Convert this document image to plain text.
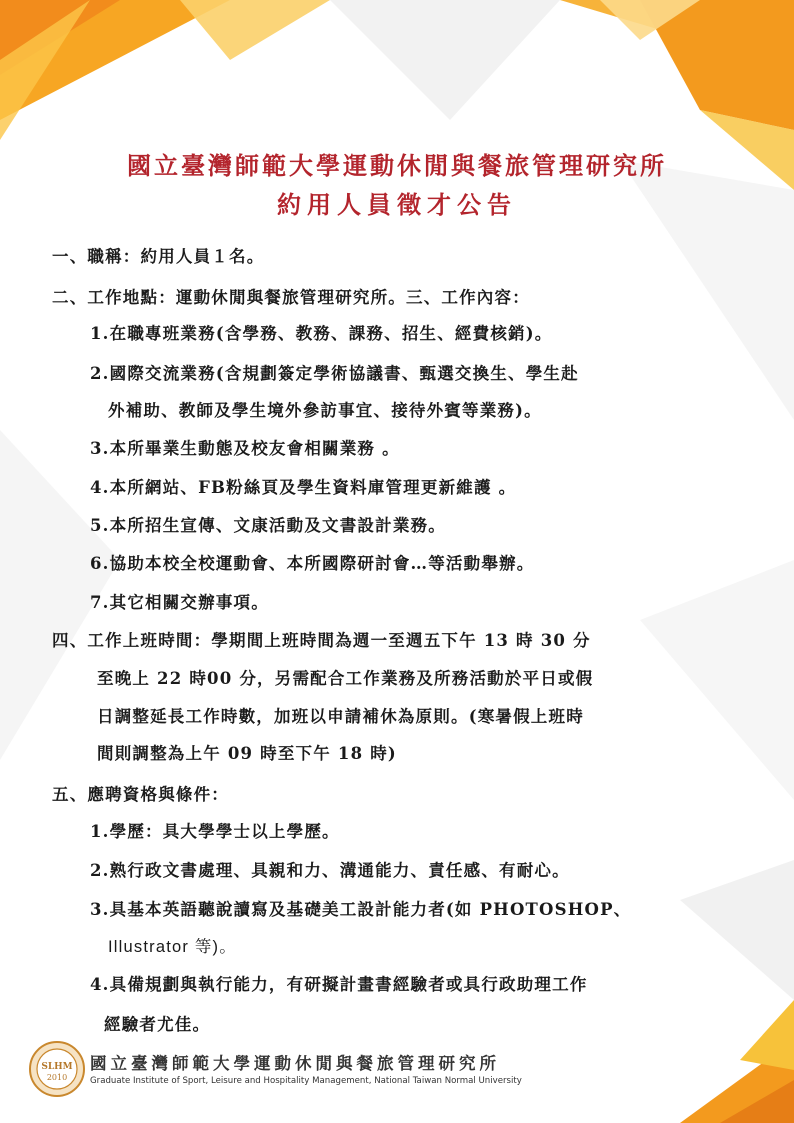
國立臺灣師範大學運動休閒與餐旅管理研究所
約用人員徵才公告
一、職稱：約用人員１名。
二、工作地點：運動休閒與餐旅管理研究所。三、工作內容：
1.在職專班業務(含學務、教務、課務、招生、經費核銷)。
2.國際交流業務(含規劃簽定學術協議書、甄選交換生、學生赴
外補助、教師及學生境外參訪事宜、接待外賓等業務)。
3.本所畢業生動態及校友會相關業務 。
4.本所網站、FB粉絲頁及學生資料庫管理更新維護 。
5.本所招生宣傳、文康活動及文書設計業務。
6.協助本校全校運動會、本所國際研討會…等活動舉辦。
7.其它相關交辦事項。
四、工作上班時間：學期間上班時間為週一至週五下午 13 時 30 分
至晚上 22 時00 分，另需配合工作業務及所務活動於平日或假
日調整延長工作時數，加班以申請補休為原則。(寒暑假上班時
間則調整為上午 09 時至下午 18 時)
五、應聘資格與條件：
1.學歷：具大學學士以上學歷。
2.熟行政文書處理、具親和力、溝通能力、責任感、有耐心。
3.具基本英語聽說讀寫及基礎美工設計能力者(如 PHOTOSHOP、
Illustrator 等)。
4.具備規劃與執行能力，有研擬計畫書經驗者或具行政助理工作
經驗者尤佳。
SLHM
2010
國立臺灣師範大學運動休閒與餐旅管理研究所
Graduate Institute of Sport, Leisure and Hospitality Management, National Taiwan Normal University
